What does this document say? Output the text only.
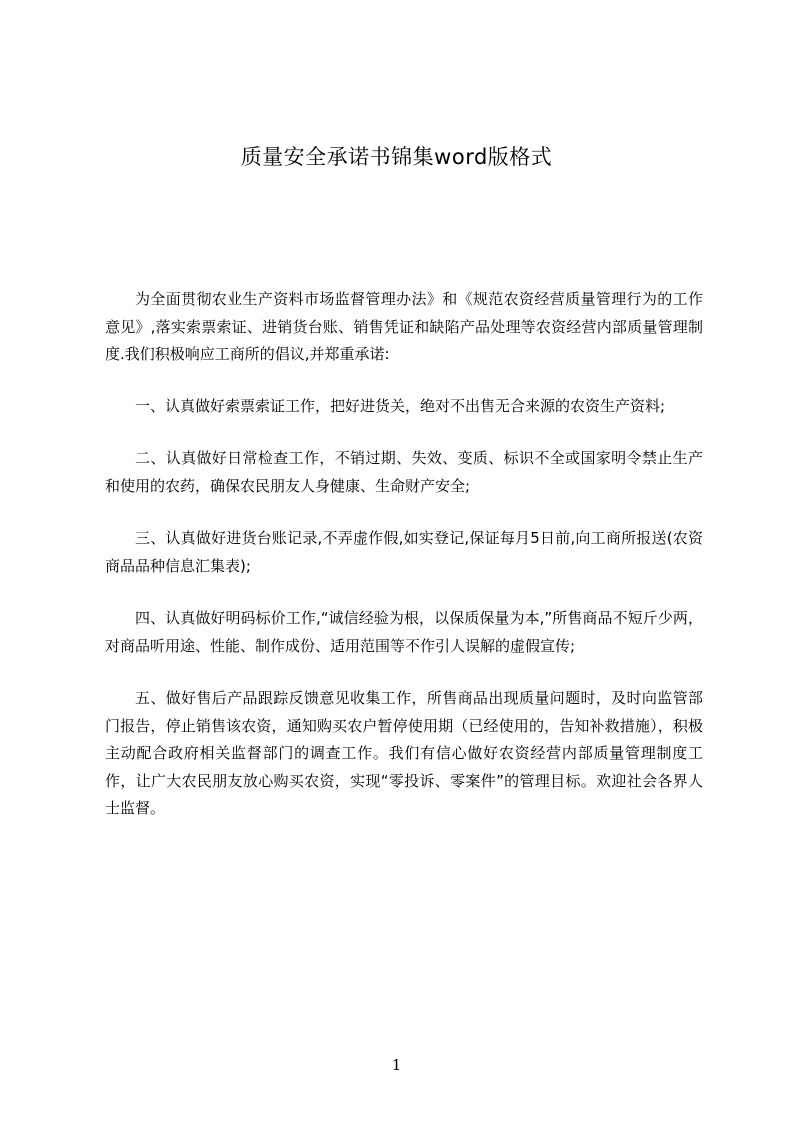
质量安全承诺书锦集word版格式

为全面贯彻农业生产资料市场监督管理办法》和《规范农资经营质量管理行为的工作意见》,落实索票索证、进销货台账、销售凭证和缺陷产品处理等农资经营内部质量管理制度.我们积极响应工商所的倡议,并郑重承诺:

一、认真做好索票索证工作，把好进货关，绝对不出售无合来源的农资生产资料;

二、认真做好日常检查工作，不销过期、失效、变质、标识不全或国家明令禁止生产和使用的农药，确保农民朋友人身健康、生命财产安全;

三、认真做好进货台账记录,不弄虚作假,如实登记,保证每月5日前,向工商所报送(农资商品品种信息汇集表);

四、认真做好明码标价工作,“诚信经验为根，以保质保量为本,”所售商品不短斤少两，对商品听用途、性能、制作成份、适用范围等不作引人误解的虚假宣传;

五、做好售后产品跟踪反馈意见收集工作，所售商品出现质量问题时，及时向监管部门报告，停止销售该农资，通知购买农户暂停使用期（已经使用的，告知补救措施），积极主动配合政府相关监督部门的调查工作。我们有信心做好农资经营内部质量管理制度工作，让广大农民朋友放心购买农资，实现“零投诉、零案件”的管理目标。欢迎社会各界人士监督。

1
